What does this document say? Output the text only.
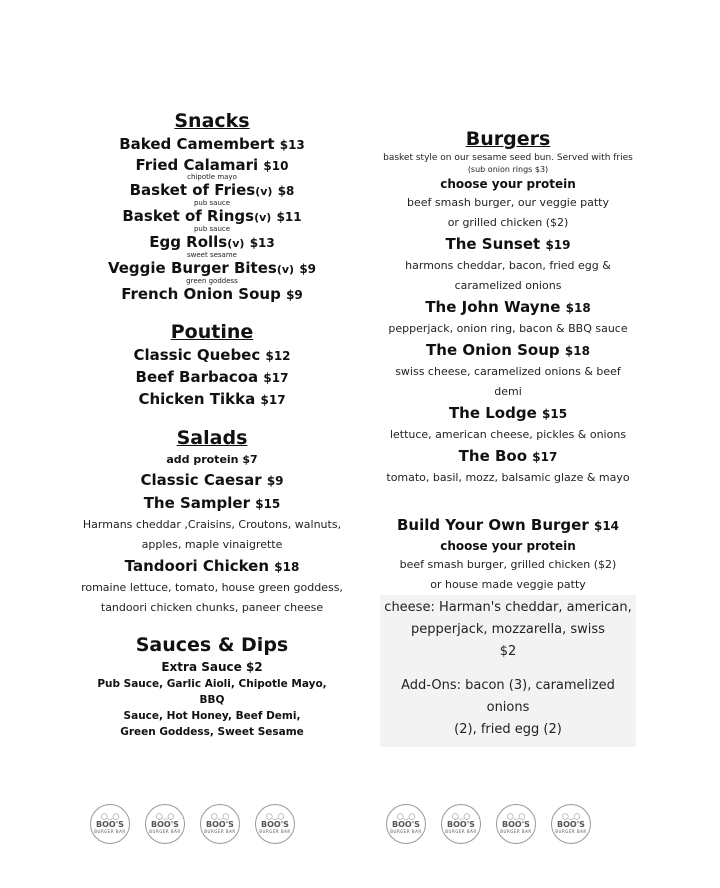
Snacks
Baked Camembert $13
Fried Calamari $10
chipotle mayo
Basket of Fries(v) $8
pub sauce
Basket of Rings(v) $11
pub sauce
Egg Rolls(v) $13
sweet sesame
Veggie Burger Bites(v) $9
green goddess
French Onion Soup $9
Poutine
Classic Quebec $12
Beef Barbacoa $17
Chicken Tikka $17
Salads
add protein $7
Classic Caesar $9
The Sampler $15
Harmans cheddar ,Craisins, Croutons, walnuts,
apples, maple vinaigrette
Tandoori Chicken $18
romaine lettuce, tomato, house green goddess,
tandoori chicken chunks, paneer cheese
Sauces & Dips
Extra Sauce $2
Pub Sauce, Garlic Aioli, Chipotle Mayo, BBQ
Sauce, Hot Honey, Beef Demi,
Green Goddess, Sweet Sesame
Burgers
basket style on our sesame seed bun. Served with fries
(sub onion rings $3)
choose your protein
beef smash burger, our veggie patty
or grilled chicken ($2)
The Sunset $19
harmons cheddar, bacon, fried egg &
caramelized onions
The John Wayne $18
pepperjack, onion ring, bacon & BBQ sauce
The Onion Soup $18
swiss cheese, caramelized onions & beef demi
The Lodge $15
lettuce, american cheese, pickles & onions
The Boo $17
tomato, basil, mozz, balsamic glaze & mayo
Build Your Own Burger $14
choose your protein
beef smash burger, grilled chicken ($2)
or house made veggie patty
cheese: Harman's cheddar, american,
pepperjack, mozzarella, swiss
$2
Add-Ons: bacon (3), caramelized onions
(2), fried egg (2)
◯‿◯
BOO'S
BURGER BAR
◯‿◯
BOO'S
BURGER BAR
◯‿◯
BOO'S
BURGER BAR
◯‿◯
BOO'S
BURGER BAR
◯‿◯
BOO'S
BURGER BAR
◯‿◯
BOO'S
BURGER BAR
◯‿◯
BOO'S
BURGER BAR
◯‿◯
BOO'S
BURGER BAR
